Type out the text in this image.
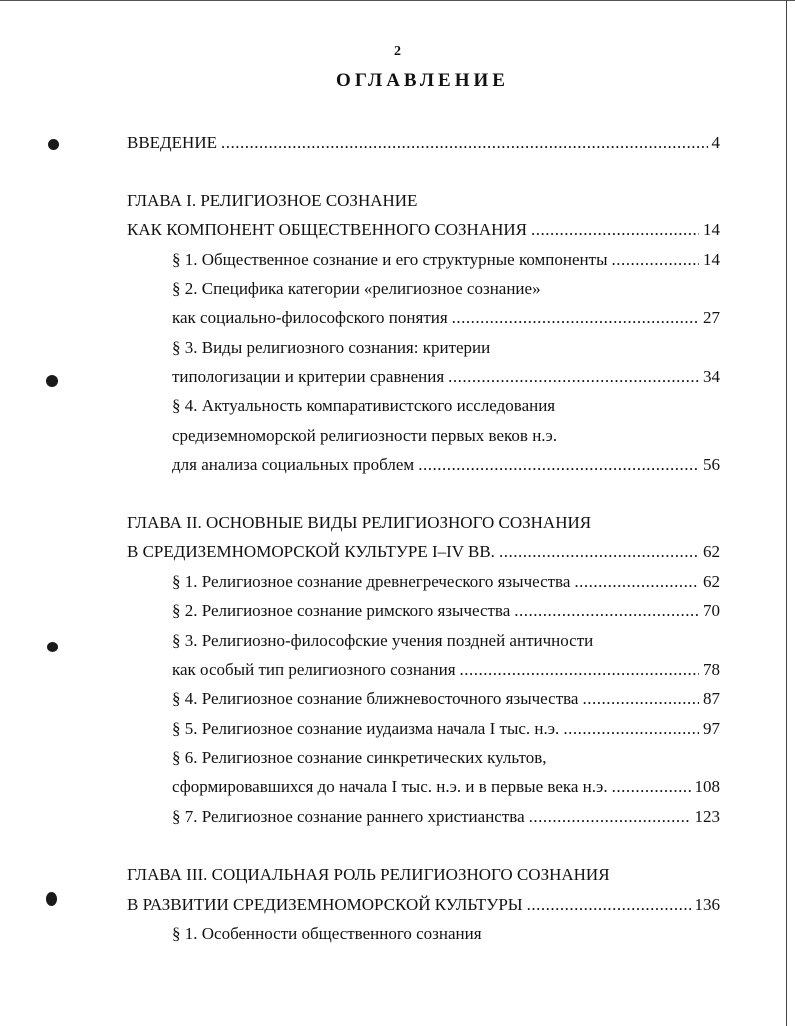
2
ОГЛАВЛЕНИЕ
ВВЕДЕНИЕ .....	4
ГЛАВА I. РЕЛИГИОЗНОЕ СОЗНАНИЕ
КАК КОМПОНЕНТ ОБЩЕСТВЕННОГО СОЗНАНИЯ .....	14
§ 1. Общественное сознание и его структурные компоненты .....	14
§ 2. Специфика категории «религиозное сознание»
как социально-философского понятия .....	27
§ 3. Виды религиозного сознания: критерии
типологизации и критерии сравнения .....	34
§ 4. Актуальность компаративистского исследования
средиземноморской религиозности первых веков н.э.
для анализа социальных проблем .....	56
ГЛАВА II. ОСНОВНЫЕ ВИДЫ РЕЛИГИОЗНОГО СОЗНАНИЯ
В СРЕДИЗЕМНОМОРСКОЙ КУЛЬТУРЕ I–IV ВВ. .....	62
§ 1. Религиозное сознание древнегреческого язычества .....	62
§ 2. Религиозное сознание римского язычества .....	70
§ 3. Религиозно-философские учения поздней античности
как особый тип религиозного сознания .....	78
§ 4. Религиозное сознание ближневосточного язычества .....	87
§ 5. Религиозное сознание иудаизма начала I тыс. н.э. .....	97
§ 6. Религиозное сознание синкретических культов,
сформировавшихся до начала I тыс. н.э. и в первые века н.э. .....	108
§ 7. Религиозное сознание раннего христианства .....	123
ГЛАВА III. СОЦИАЛЬНАЯ РОЛЬ РЕЛИГИОЗНОГО СОЗНАНИЯ
В РАЗВИТИИ СРЕДИЗЕМНОМОРСКОЙ КУЛЬТУРЫ .....	136
§ 1. Особенности общественного сознания
